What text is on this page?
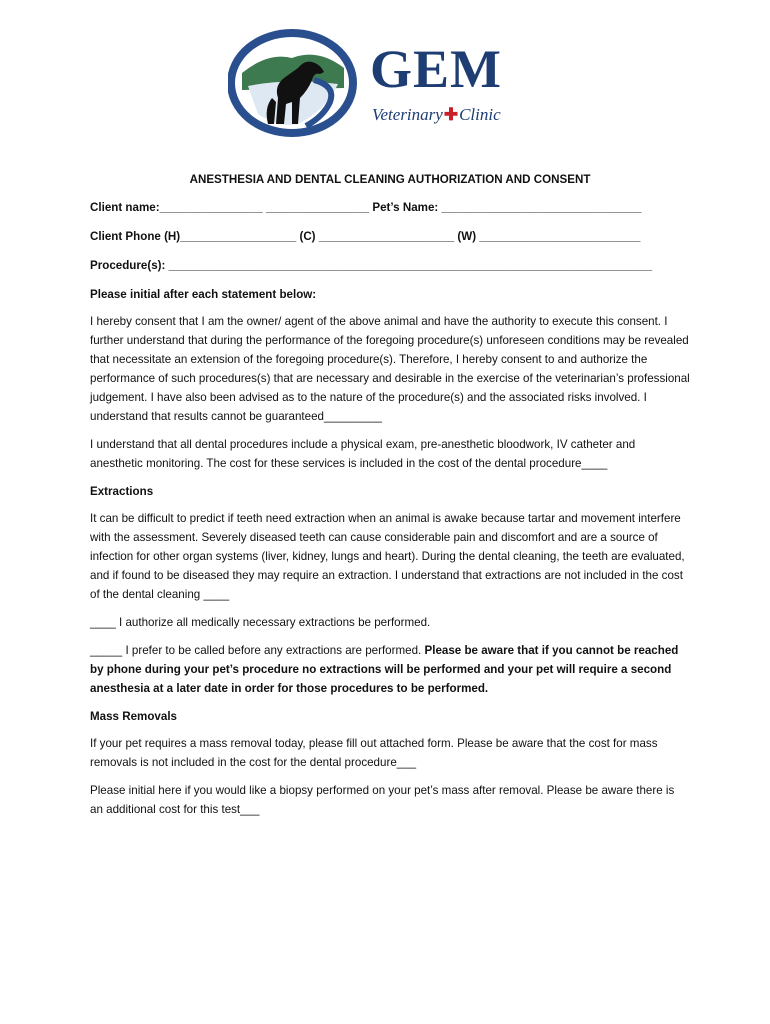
GEM
Veterinary✚Clinic
ANESTHESIA AND DENTAL CLEANING AUTHORIZATION AND CONSENT
Client name:________________ ________________ Pet’s Name: _______________________________
Client Phone (H)__________________ (C) _____________________ (W) _________________________
Procedure(s): ___________________________________________________________________________
Please initial after each statement below:

I hereby consent that I am the owner/ agent of the above animal and have the authority to execute this consent. I further understand that during the performance of the foregoing procedure(s) unforeseen conditions may be revealed that necessitate an extension of the foregoing procedure(s). Therefore, I hereby consent to and authorize the performance of such procedures(s) that are necessary and desirable in the exercise of the veterinarian’s professional judgement. I have also been advised as to the nature of the procedure(s) and the associated risks involved. I understand that results cannot be guaranteed_________

I understand that all dental procedures include a physical exam, pre-anesthetic bloodwork, IV catheter and anesthetic monitoring. The cost for these services is included in the cost of the dental procedure____

Extractions

It can be difficult to predict if teeth need extraction when an animal is awake because tartar and movement interfere with the assessment. Severely diseased teeth can cause considerable pain and discomfort and are a source of infection for other organ systems (liver, kidney, lungs and heart). During the dental cleaning, the teeth are evaluated, and if found to be diseased they may require an extraction. I understand that extractions are not included in the cost of the dental cleaning ____

____ I authorize all medically necessary extractions be performed.

_____ I prefer to be called before any extractions are performed. Please be aware that if you cannot be reached by phone during your pet’s procedure no extractions will be performed and your pet will require a second anesthesia at a later date in order for those procedures to be performed.

Mass Removals

If your pet requires a mass removal today, please fill out attached form. Please be aware that the cost for mass removals is not included in the cost for the dental procedure___

Please initial here if you would like a biopsy performed on your pet’s mass after removal. Please be aware there is an additional cost for this test___
